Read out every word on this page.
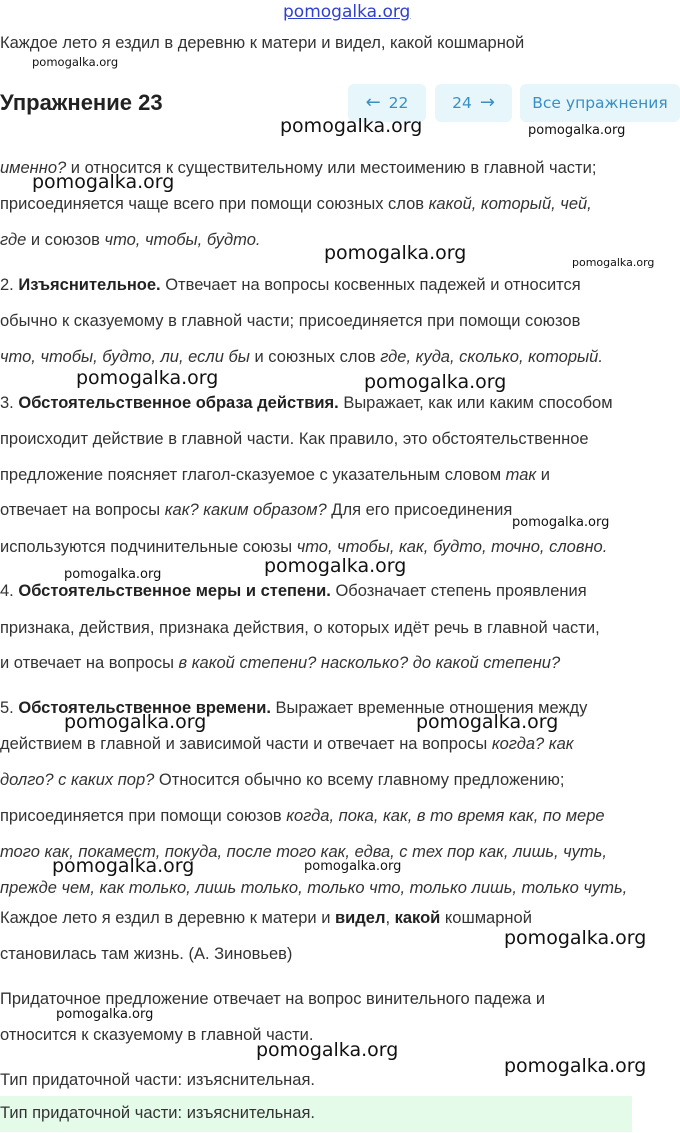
pomogalka.org
Каждое лето я ездил в деревню к матери и видел, какой кошмарной
Упражнение 23	← 22	24 → Все упражнения
именно? и относится к существительному или местоимению в главной части;
присоединяется чаще всего при помощи союзных слов какой, который, чей,
где и союзов что, чтобы, будто.
2. Изъяснительное. Отвечает на вопросы косвенных падежей и относится
обычно к сказуемому в главной части; присоединяется при помощи союзов
что, чтобы, будто, ли, если бы и союзных слов где, куда, сколько, который.
3. Обстоятельственное образа действия. Выражает, как или каким способом
происходит действие в главной части. Как правило, это обстоятельственное
предложение поясняет глагол-сказуемое с указательным словом так и
отвечает на вопросы как? каким образом? Для его присоединения
используются подчинительные союзы что, чтобы, как, будто, точно, словно.
4. Обстоятельственное меры и степени. Обозначает степень проявления
признака, действия, признака действия, о которых идёт речь в главной части,
и отвечает на вопросы в какой степени? насколько? до какой степени?
5. Обстоятельственное времени. Выражает временные отношения между
действием в главной и зависимой части и отвечает на вопросы когда? как
долго? с каких пор? Относится обычно ко всему главному предложению;
присоединяется при помощи союзов когда, пока, как, в то время как, по мере
того как, покамест, покуда, после того как, едва, с тех пор как, лишь, чуть,
прежде чем, как только, лишь только, только что, только лишь, только чуть,
Каждое лето я ездил в деревню к матери и видел, какой кошмарной
становилась там жизнь. (А. Зиновьев)
Придаточное предложение отвечает на вопрос винительного падежа и
относится к сказуемому в главной части.
Тип придаточной части: изъяснительная.
Тип придаточной части: изъяснительная.
pomogalka.org
pomogalka.org	pomogalka.org
pomogalka.org
pomogalka.org	pomogalka.org
pomogalka.org	pomogalka.org
pomogalka.org
pomogalka.org
pomogalka.org
pomogalka.org	pomogalka.org
pomogalka.org	pomogalka.org
pomogalka.org
pomogalka.org
pomogalka.org
pomogalka.org
